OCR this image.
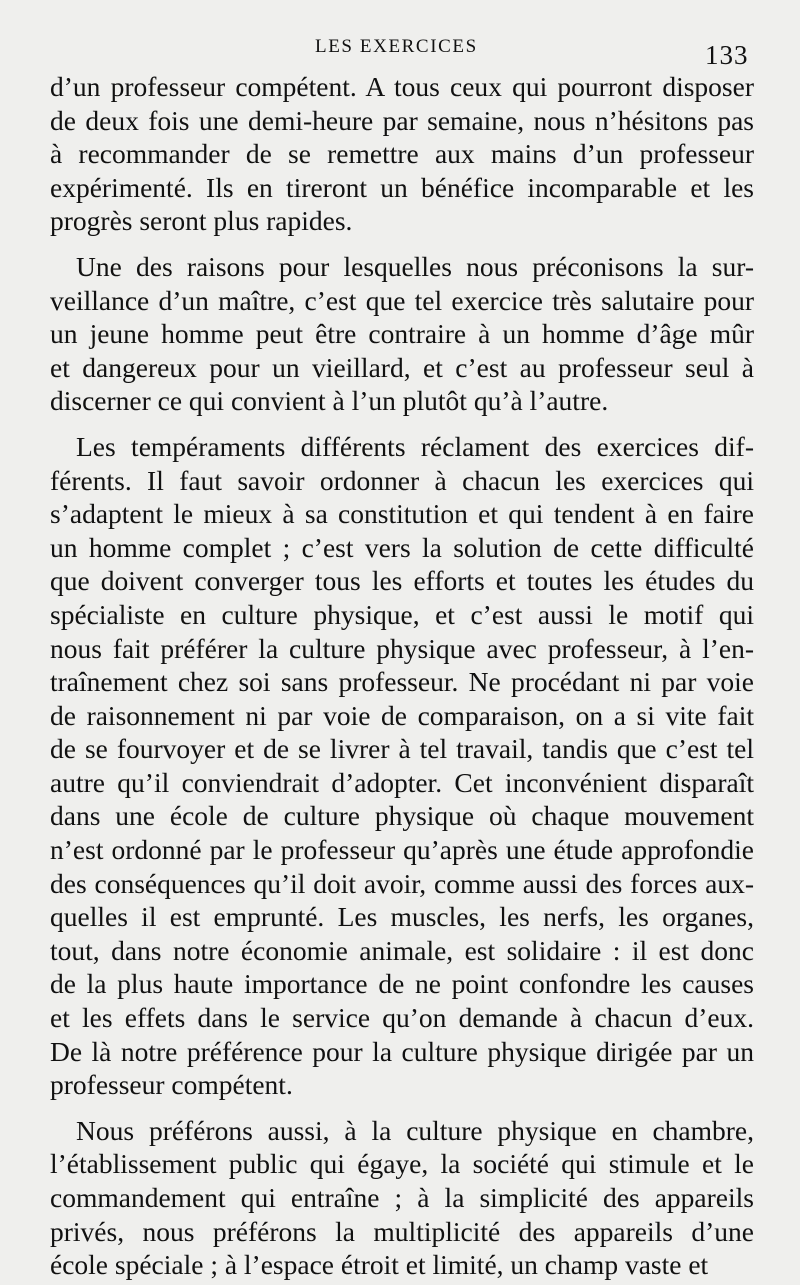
LES EXERCICES	133
d’un professeur compétent. A tous ceux qui pourront disposer
de deux fois une demi-heure par semaine, nous n’hésitons pas
à recommander de se remettre aux mains d’un professeur
expérimenté. Ils en tireront un bénéfice incomparable et les
progrès seront plus rapides.
Une des raisons pour lesquelles nous préconisons la sur-
veillance d’un maître, c’est que tel exercice très salutaire pour
un jeune homme peut être contraire à un homme d’âge mûr
et dangereux pour un vieillard, et c’est au professeur seul à
discerner ce qui convient à l’un plutôt qu’à l’autre.
Les tempéraments différents réclament des exercices dif-
férents. Il faut savoir ordonner à chacun les exercices qui
s’adaptent le mieux à sa constitution et qui tendent à en faire
un homme complet ; c’est vers la solution de cette difficulté
que doivent converger tous les efforts et toutes les études du
spécialiste en culture physique, et c’est aussi le motif qui
nous fait préférer la culture physique avec professeur, à l’en-
traînement chez soi sans professeur. Ne procédant ni par voie
de raisonnement ni par voie de comparaison, on a si vite fait
de se fourvoyer et de se livrer à tel travail, tandis que c’est tel
autre qu’il conviendrait d’adopter. Cet inconvénient disparaît
dans une école de culture physique où chaque mouvement
n’est ordonné par le professeur qu’après une étude approfondie
des conséquences qu’il doit avoir, comme aussi des forces aux-
quelles il est emprunté. Les muscles, les nerfs, les organes,
tout, dans notre économie animale, est solidaire : il est donc
de la plus haute importance de ne point confondre les causes
et les effets dans le service qu’on demande à chacun d’eux.
De là notre préférence pour la culture physique dirigée par un
professeur compétent.
Nous préférons aussi, à la culture physique en chambre,
l’établissement public qui égaye, la société qui stimule et le
commandement qui entraîne ; à la simplicité des appareils
privés, nous préférons la multiplicité des appareils d’une
école spéciale ; à l’espace étroit et limité, un champ vaste et
